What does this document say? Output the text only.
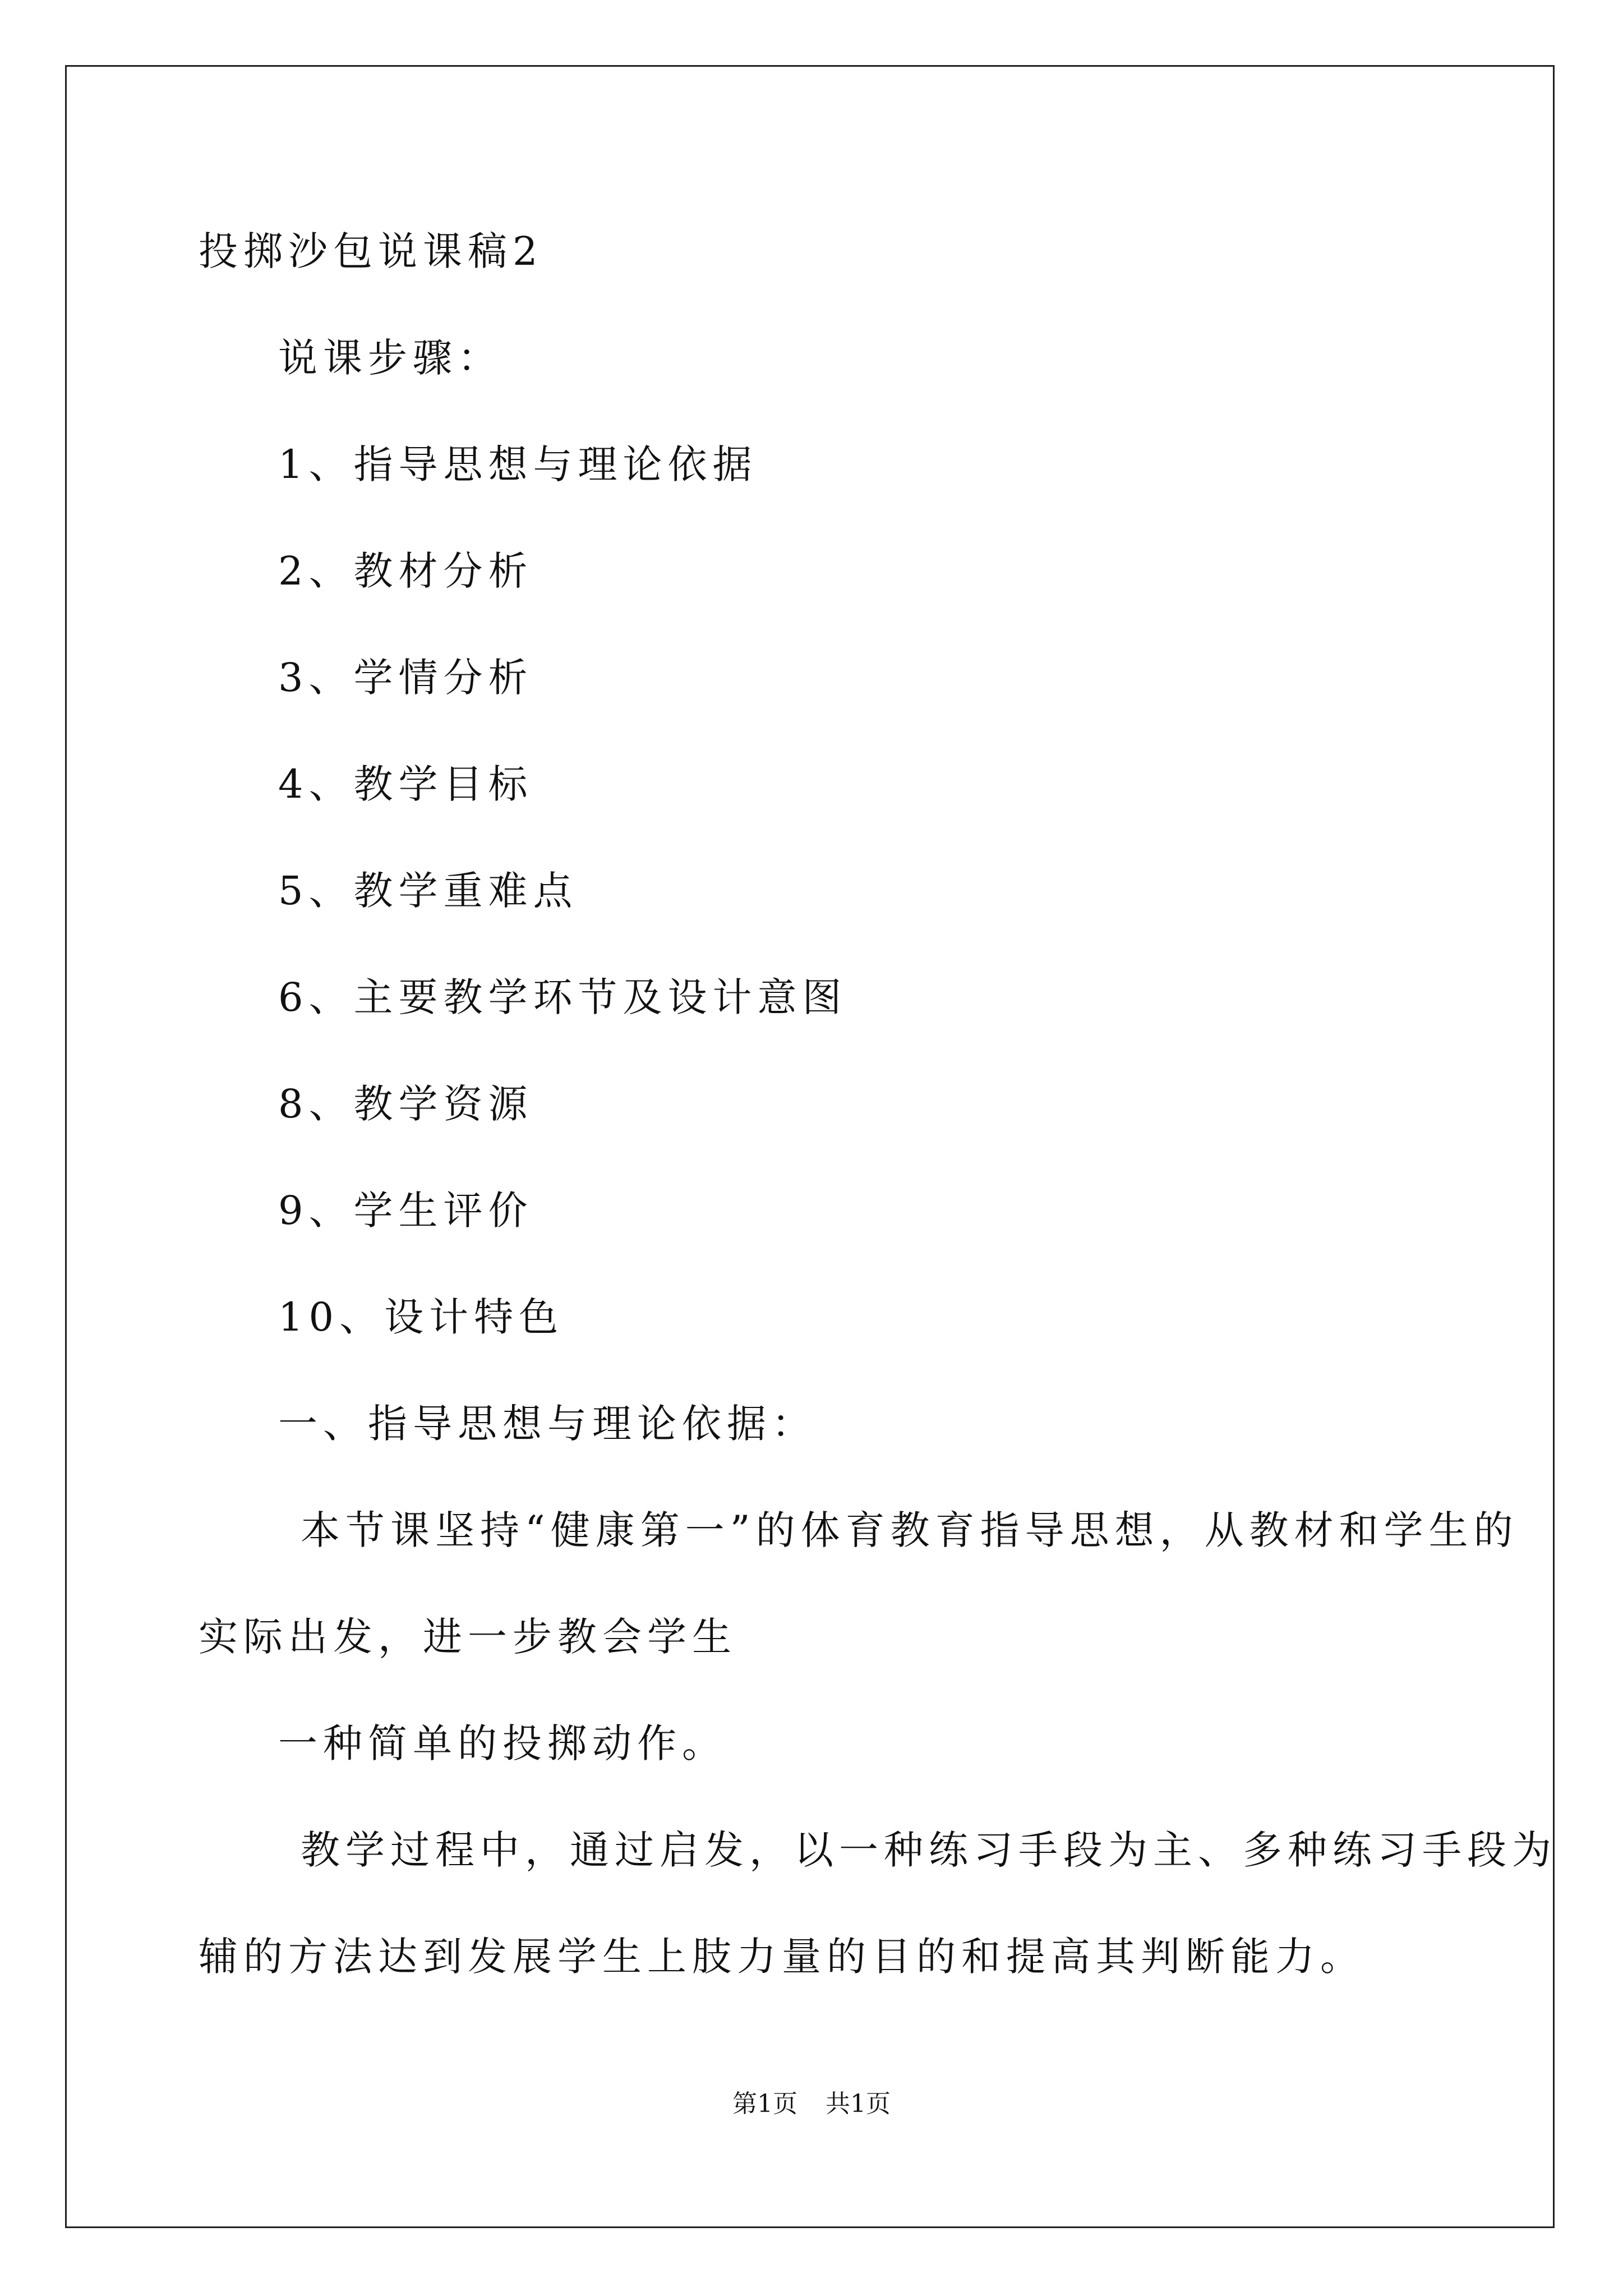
投掷沙包说课稿2
说课步骤：
1、指导思想与理论依据
2、教材分析
3、学情分析
4、教学目标
5、教学重难点
6、主要教学环节及设计意图
8、教学资源
9、学生评价
10、设计特色
一、指导思想与理论依据：
本节课坚持“健康第一”的体育教育指导思想，从教材和学生的
实际出发，进一步教会学生
一种简单的投掷动作。
教学过程中，通过启发，以一种练习手段为主、多种练习手段为
辅的方法达到发展学生上肢力量的目的和提高其判断能力。
第1页 共1页
